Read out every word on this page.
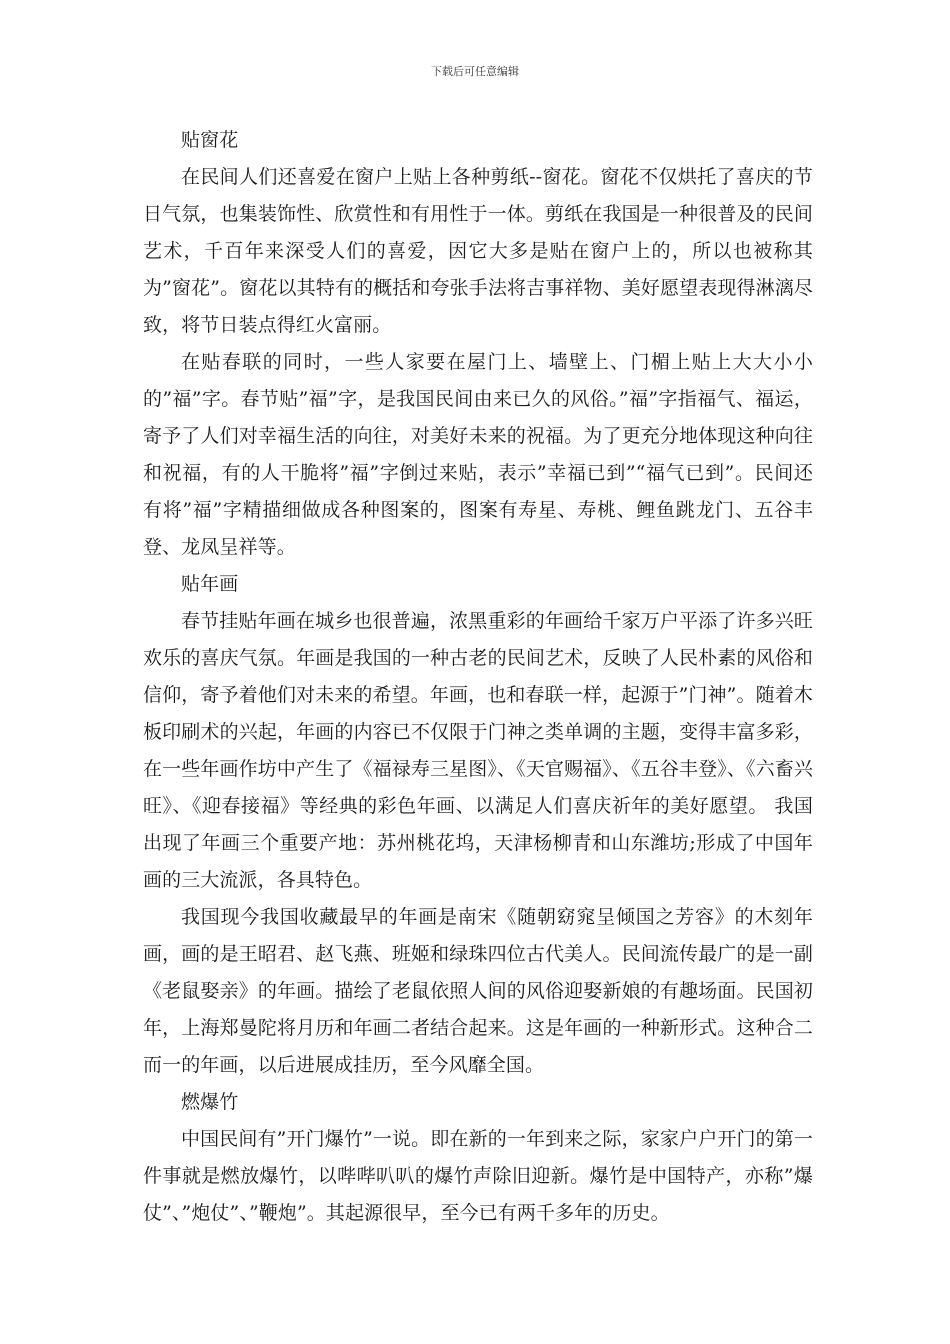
下载后可任意编辑

贴窗花

在民间人们还喜爱在窗户上贴上各种剪纸--窗花。窗花不仅烘托了喜庆的节日气氛，也集装饰性、欣赏性和有用性于一体。剪纸在我国是一种很普及的民间艺术，千百年来深受人们的喜爱，因它大多是贴在窗户上的，所以也被称其为”窗花”。窗花以其特有的概括和夸张手法将吉事祥物、美好愿望表现得淋漓尽致，将节日装点得红火富丽。

在贴春联的同时，一些人家要在屋门上、墙壁上、门楣上贴上大大小小的”福”字。春节贴”福”字，是我国民间由来已久的风俗。”福”字指福气、福运，寄予了人们对幸福生活的向往，对美好未来的祝福。为了更充分地体现这种向往和祝福，有的人干脆将”福”字倒过来贴，表示”幸福已到”“福气已到”。民间还有将”福”字精描细做成各种图案的，图案有寿星、寿桃、鲤鱼跳龙门、五谷丰登、龙凤呈祥等。

贴年画

春节挂贴年画在城乡也很普遍，浓黑重彩的年画给千家万户平添了许多兴旺欢乐的喜庆气氛。年画是我国的一种古老的民间艺术，反映了人民朴素的风俗和信仰，寄予着他们对未来的希望。年画，也和春联一样，起源于”门神”。随着木板印刷术的兴起，年画的内容已不仅限于门神之类单调的主题，变得丰富多彩，在一些年画作坊中产生了《福禄寿三星图》、《天官赐福》、《五谷丰登》、《六畜兴旺》、《迎春接福》等经典的彩色年画、以满足人们喜庆祈年的美好愿望。 我国出现了年画三个重要产地：苏州桃花坞，天津杨柳青和山东潍坊;形成了中国年画的三大流派，各具特色。

我国现今我国收藏最早的年画是南宋《随朝窈窕呈倾国之芳容》的木刻年画，画的是王昭君、赵飞燕、班姬和绿珠四位古代美人。民间流传最广的是一副《老鼠娶亲》的年画。描绘了老鼠依照人间的风俗迎娶新娘的有趣场面。民国初年，上海郑曼陀将月历和年画二者结合起来。这是年画的一种新形式。这种合二而一的年画，以后进展成挂历，至今风靡全国。

燃爆竹

中国民间有”开门爆竹”一说。即在新的一年到来之际，家家户户开门的第一件事就是燃放爆竹，以哔哔叭叭的爆竹声除旧迎新。爆竹是中国特产，亦称”爆仗”、”炮仗”、”鞭炮”。其起源很早，至今已有两千多年的历史。
